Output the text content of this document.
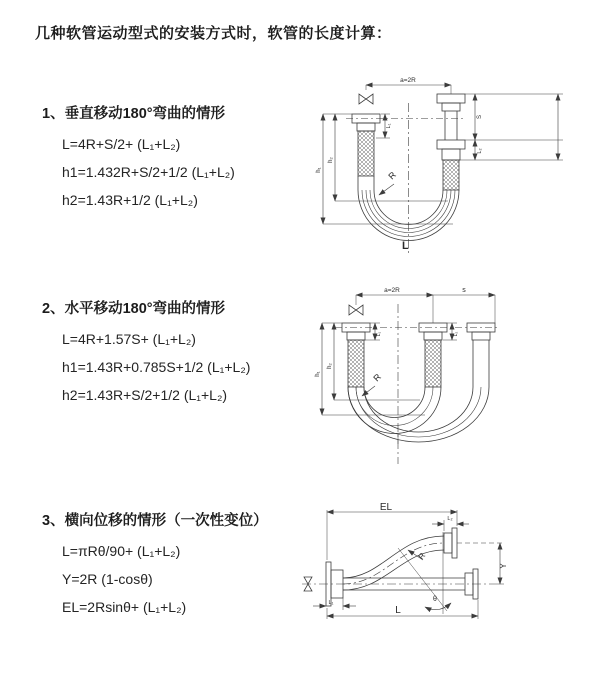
几种软管运动型式的安装方式时，软管的长度计算：
1、垂直移动180°弯曲的情形
L=4R+S/2+ (L₁+L₂)
h1=1.432R+S/2+1/2 (L₁+L₂)
h2=1.43R+1/2 (L₁+L₂)
a=2R
S
L₂
L₁
h₁
h₂
R
L
2、水平移动180°弯曲的情形
L=4R+1.57S+ (L₁+L₂)
h1=1.43R+0.785S+1/2 (L₁+L₂)
h2=1.43R+S/2+1/2 (L₁+L₂)
a=2R	s
h₁
h₂
L₁	L₂
R
3、横向位移的情形（一次性变位）
L=πRθ/90+ (L₁+L₂)
Y=2R (1-cosθ)
EL=2Rsinθ+ (L₁+L₂)
EL
L₂
Y
L
L₁
R
θ
